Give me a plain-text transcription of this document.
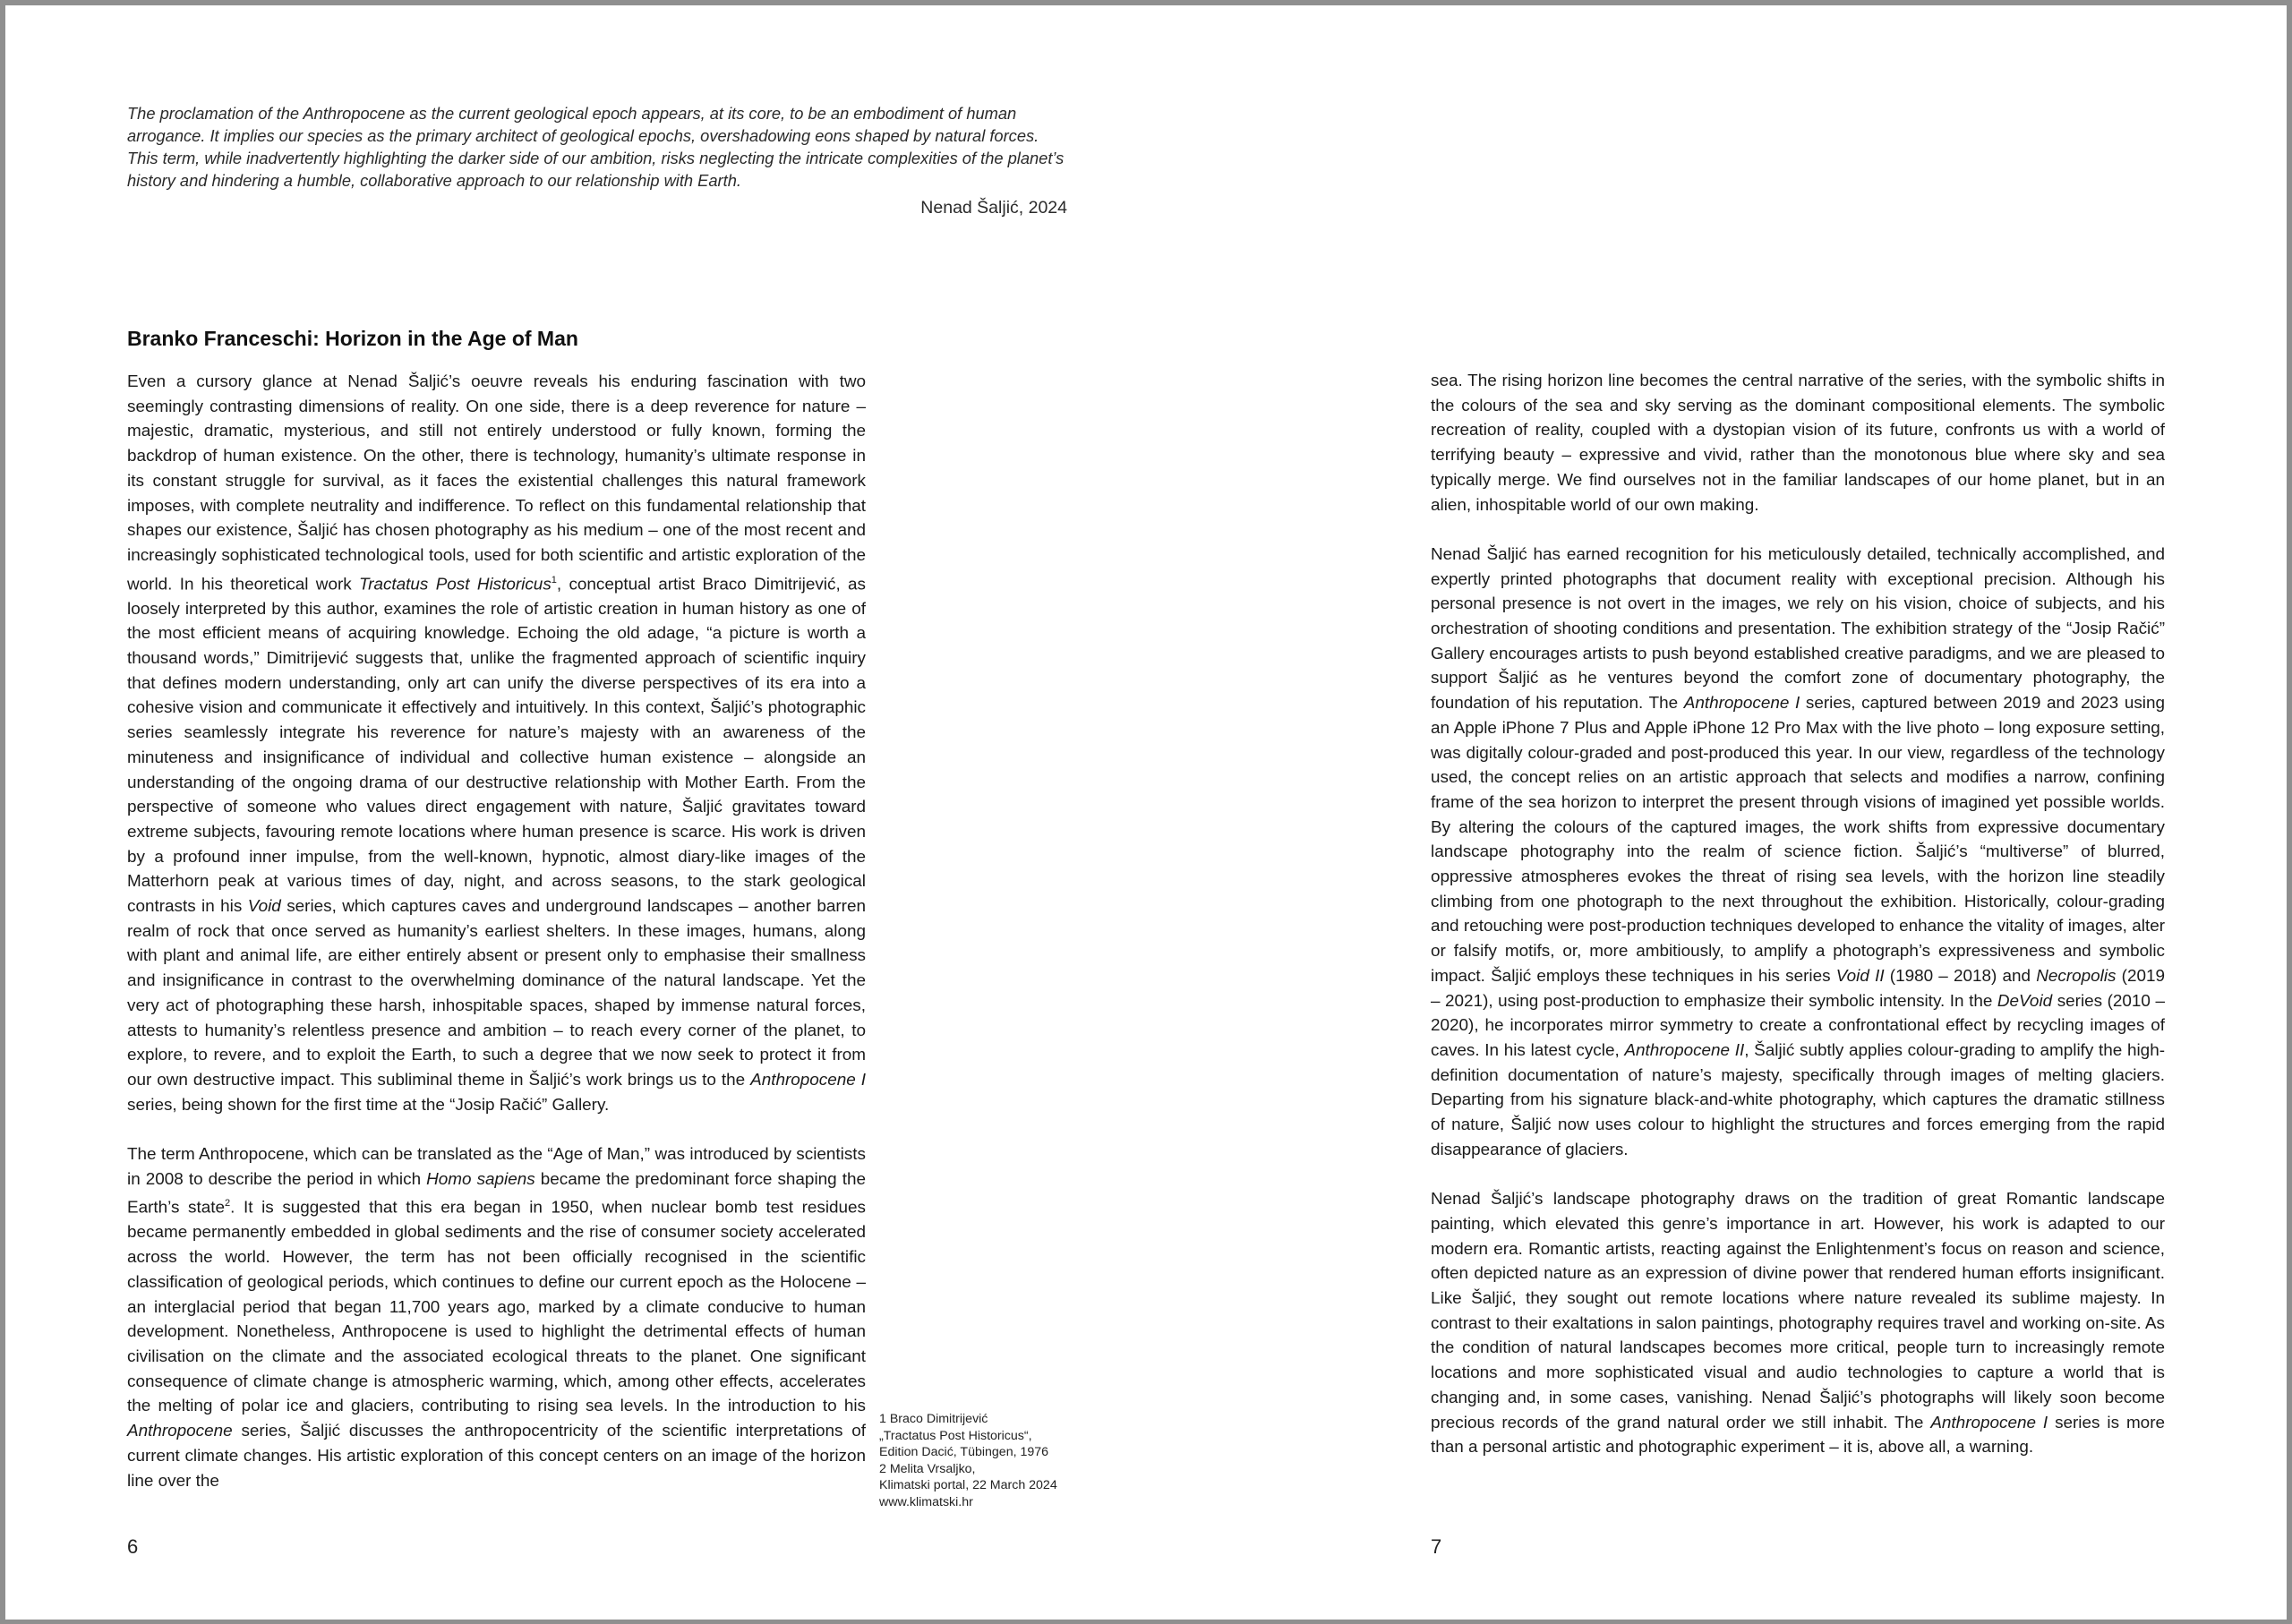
The proclamation of the Anthropocene as the current geological epoch appears, at its core, to be an embodiment of human arrogance. It implies our species as the primary architect of geological epochs, overshadowing eons shaped by natural forces. This term, while inadvertently highlighting the darker side of our ambition, risks neglecting the intricate complexities of the planet’s history and hindering a humble, collaborative approach to our relationship with Earth.
Nenad Šaljić, 2024
Branko Franceschi: Horizon in the Age of Man

Even a cursory glance at Nenad Šaljić’s oeuvre reveals his enduring fascination with two seemingly contrasting dimensions of reality. On one side, there is a deep reverence for nature – majestic, dramatic, mysterious, and still not entirely understood or fully known, forming the backdrop of human existence. On the other, there is technology, humanity’s ultimate response in its constant struggle for survival, as it faces the existential challenges this natural framework imposes, with complete neutrality and indifference. To reflect on this fundamental relationship that shapes our existence, Šaljić has chosen photography as his medium – one of the most recent and increasingly sophisticated technological tools, used for both scientific and artistic exploration of the world. In his theoretical work Tractatus Post Historicus$^1$, conceptual artist Braco Dimitrijević, as loosely interpreted by this author, examines the role of artistic creation in human history as one of the most efficient means of acquiring knowledge. Echoing the old adage, “a picture is worth a thousand words,” Dimitrijević suggests that, unlike the fragmented approach of scientific inquiry that defines modern understanding, only art can unify the diverse perspectives of its era into a cohesive vision and communicate it effectively and intuitively. In this context, Šaljić’s photographic series seamlessly integrate his reverence for nature’s majesty with an awareness of the minuteness and insignificance of individual and collective human existence – alongside an understanding of the ongoing drama of our destructive relationship with Mother Earth. From the perspective of someone who values direct engagement with nature, Šaljić gravitates toward extreme subjects, favouring remote locations where human presence is scarce. His work is driven by a profound inner impulse, from the well-known, hypnotic, almost diary-like images of the Matterhorn peak at various times of day, night, and across seasons, to the stark geological contrasts in his Void series, which captures caves and underground landscapes – another barren realm of rock that once served as humanity’s earliest shelters. In these images, humans, along with plant and animal life, are either entirely absent or present only to emphasise their smallness and insignificance in contrast to the overwhelming dominance of the natural landscape. Yet the very act of photographing these harsh, inhospitable spaces, shaped by immense natural forces, attests to humanity’s relentless presence and ambition – to reach every corner of the planet, to explore, to revere, and to exploit the Earth, to such a degree that we now seek to protect it from our own destructive impact. This subliminal theme in Šaljić’s work brings us to the Anthropocene I series, being shown for the first time at the “Josip Račić” Gallery.

The term Anthropocene, which can be translated as the “Age of Man,” was introduced by scientists in 2008 to describe the period in which Homo sapiens became the predominant force shaping the Earth’s state$^2$. It is suggested that this era began in 1950, when nuclear bomb test residues became permanently embedded in global sediments and the rise of consumer society accelerated across the world. However, the term has not been officially recognised in the scientific classification of geological periods, which continues to define our current epoch as the Holocene – an interglacial period that began 11,700 years ago, marked by a climate conducive to human development. Nonetheless, Anthropocene is used to highlight the detrimental effects of human civilisation on the climate and the associated ecological threats to the planet. One significant consequence of climate change is atmospheric warming, which, among other effects, accelerates the melting of polar ice and glaciers, contributing to rising sea levels. In the introduction to his Anthropocene series, Šaljić discusses the anthropocentricity of the scientific interpretations of current climate changes. His artistic exploration of this concept centers on an image of the horizon line over the

1 Braco Dimitrijević
„Tractatus Post Historicus“,
Edition Dacić, Tübingen, 1976
2 Melita Vrsaljko,
Klimatski portal, 22 March 2024
www.klimatski.hr
6

sea. The rising horizon line becomes the central narrative of the series, with the symbolic shifts in the colours of the sea and sky serving as the dominant compositional elements. The symbolic recreation of reality, coupled with a dystopian vision of its future, confronts us with a world of terrifying beauty – expressive and vivid, rather than the monotonous blue where sky and sea typically merge. We find ourselves not in the familiar landscapes of our home planet, but in an alien, inhospitable world of our own making.

Nenad Šaljić has earned recognition for his meticulously detailed, technically accomplished, and expertly printed photographs that document reality with exceptional precision. Although his personal presence is not overt in the images, we rely on his vision, choice of subjects, and his orchestration of shooting conditions and presentation. The exhibition strategy of the “Josip Račić” Gallery encourages artists to push beyond established creative paradigms, and we are pleased to support Šaljić as he ventures beyond the comfort zone of documentary photography, the foundation of his reputation. The Anthropocene I series, captured between 2019 and 2023 using an Apple iPhone 7 Plus and Apple iPhone 12 Pro Max with the live photo – long exposure setting, was digitally colour-graded and post-produced this year. In our view, regardless of the technology used, the concept relies on an artistic approach that selects and modifies a narrow, confining frame of the sea horizon to interpret the present through visions of imagined yet possible worlds. By altering the colours of the captured images, the work shifts from expressive documentary landscape photography into the realm of science fiction. Šaljić’s “multiverse” of blurred, oppressive atmospheres evokes the threat of rising sea levels, with the horizon line steadily climbing from one photograph to the next throughout the exhibition. Historically, colour-grading and retouching were post-production techniques developed to enhance the vitality of images, alter or falsify motifs, or, more ambitiously, to amplify a photograph’s expressiveness and symbolic impact. Šaljić employs these techniques in his series Void II (1980 – 2018) and Necropolis (2019 – 2021), using post-production to emphasize their symbolic intensity. In the DeVoid series (2010 – 2020), he incorporates mirror symmetry to create a confrontational effect by recycling images of caves. In his latest cycle, Anthropocene II, Šaljić subtly applies colour-grading to amplify the high-definition documentation of nature’s majesty, specifically through images of melting glaciers. Departing from his signature black-and-white photography, which captures the dramatic stillness of nature, Šaljić now uses colour to highlight the structures and forces emerging from the rapid disappearance of glaciers.

Nenad Šaljić’s landscape photography draws on the tradition of great Romantic landscape painting, which elevated this genre’s importance in art. However, his work is adapted to our modern era. Romantic artists, reacting against the Enlightenment’s focus on reason and science, often depicted nature as an expression of divine power that rendered human efforts insignificant. Like Šaljić, they sought out remote locations where nature revealed its sublime majesty. In contrast to their exaltations in salon paintings, photography requires travel and working on-site. As the condition of natural landscapes becomes more critical, people turn to increasingly remote locations and more sophisticated visual and audio technologies to capture a world that is changing and, in some cases, vanishing. Nenad Šaljić’s photographs will likely soon become precious records of the grand natural order we still inhabit. The Anthropocene I series is more than a personal artistic and photographic experiment – it is, above all, a warning.

7
